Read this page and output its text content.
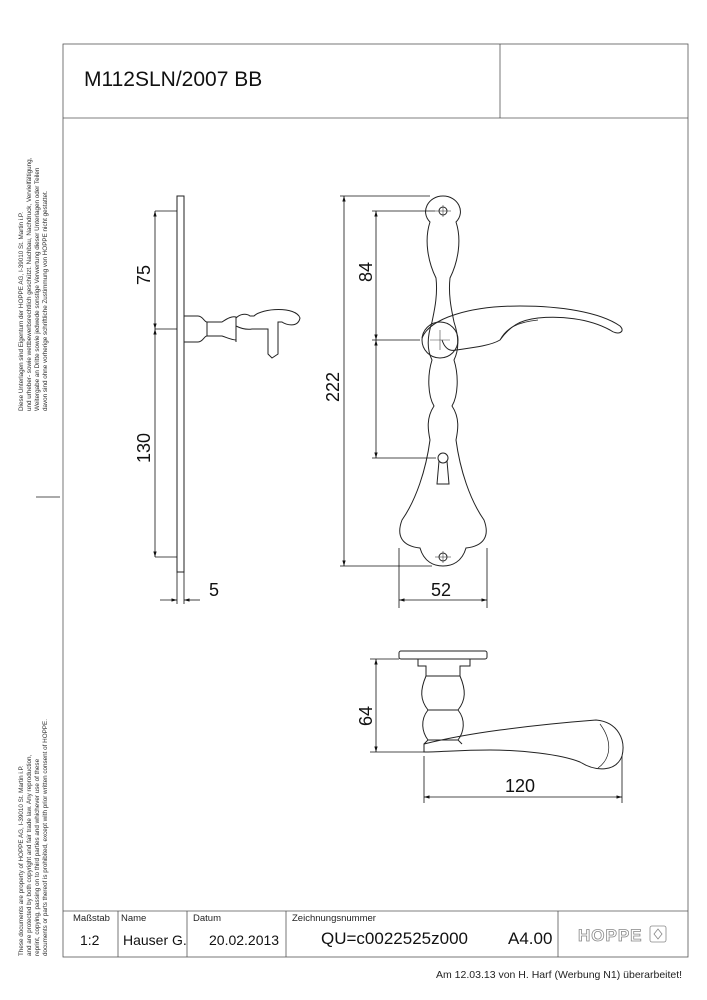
75
130
5
84
222
52
64
120
HOPPE
M112SLN/2007 BB
Diese Unterlagen sind Eigentum der HOPPE AG, I-39010 St. Martin i.P. und urheber- sowie wettbewerbsrechtlich geschützt. Nachbau, Nachdruck, Vervielfältigung, Weitergabe an Dritte sowie jedwede sonstige Verwertung dieser Unterlagen oder Teilen davon sind ohne vorherige schriftliche Zustimmung von HOPPE nicht gestattet.
These documents are property of HOPPE AG, I-39010 St. Martin i.P. and are protected by both copyright and fair trade law. Any reproduction, reprint, copying, passing on to third parties and whichever use of these documents or parts thereof is prohibited, except with prior written consent of HOPPE.	Maßstab
1:2
Name
Hauser G.
Datum
20.02.2013
Zeichnungsnummer
QU=c0022525z000 A4.00
Am 12.03.13 von H. Harf (Werbung N1) überarbeitet!
